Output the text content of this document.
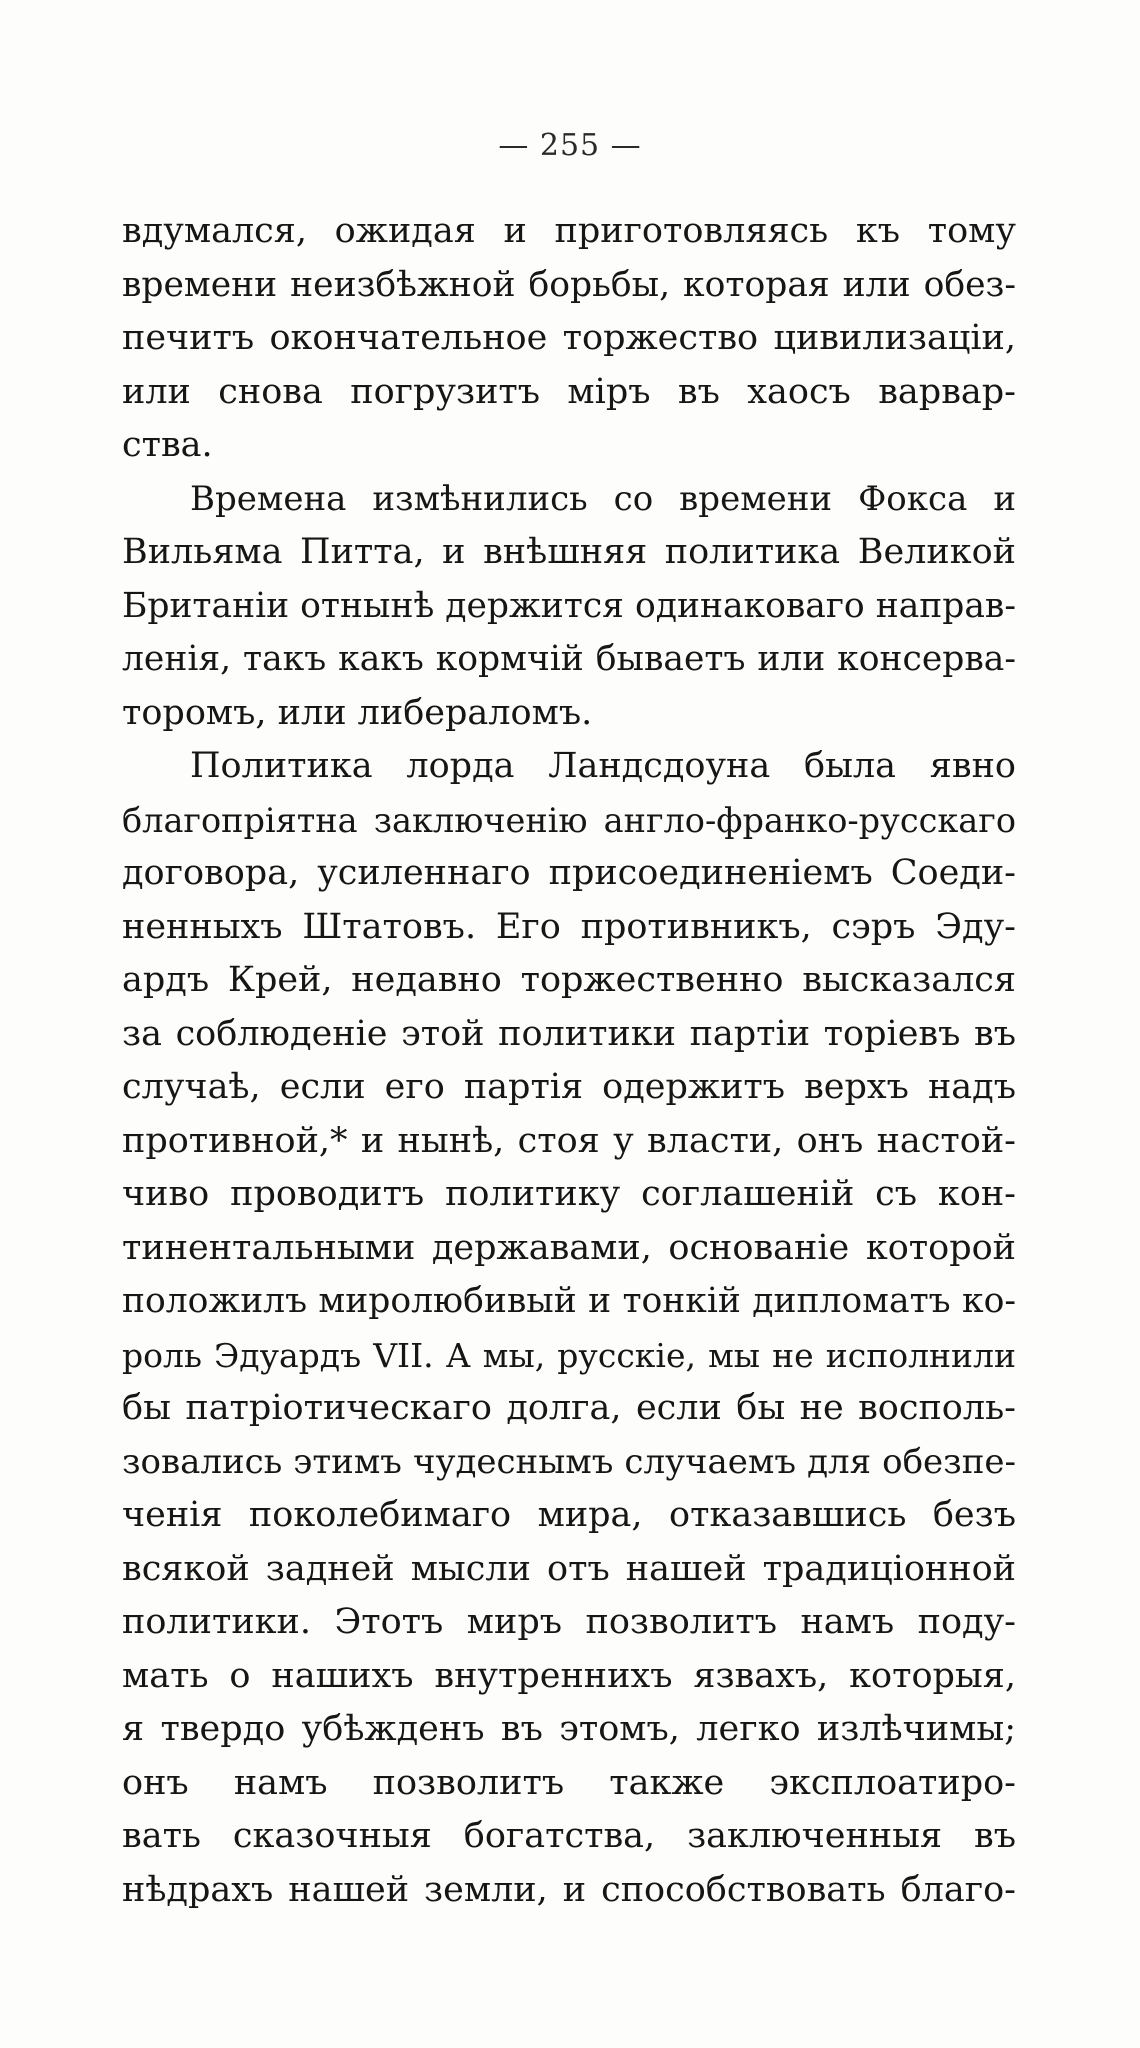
— 255 —
вдумался, ожидая и приготовляясь къ тому
времени неизбѣжной борьбы, которая или обез-
печитъ окончательное торжество цивилизаціи,
или снова погрузитъ міръ въ хаосъ варвар-
ства.
Времена измѣнились со времени Фокса и
Вильяма Питта, и внѣшняя политика Великой
Британіи отнынѣ держится одинаковаго направ-
ленія, такъ какъ кормчій бываетъ или консерва-
торомъ, или либераломъ.
Политика лорда Ландсдоуна была явно
благопріятна заключенію англо-франко-русскаго
договора, усиленнаго присоединеніемъ Соеди-
ненныхъ Штатовъ. Его противникъ, сэръ Эду-
ардъ Крей, недавно торжественно высказался
за соблюденіе этой политики партіи торіевъ въ
случаѣ, если его партія одержитъ верхъ надъ
противной,* и нынѣ, стоя у власти, онъ настой-
чиво проводитъ политику соглашеній съ кон-
тинентальными державами, основаніе которой
положилъ миролюбивый и тонкій дипломатъ ко-
роль Эдуардъ VII. А мы, русскіе, мы не исполнили
бы патріотическаго долга, если бы не восполь-
зовались этимъ чудеснымъ случаемъ для обезпе-
ченія поколебимаго мира, отказавшись безъ
всякой задней мысли отъ нашей традиціонной
политики. Этотъ миръ позволитъ намъ поду-
мать о нашихъ внутреннихъ язвахъ, которыя,
я твердо убѣжденъ въ этомъ, легко излѣчимы;
онъ намъ позволитъ также эксплоатиро-
вать сказочныя богатства, заключенныя въ
нѣдрахъ нашей земли, и способствовать благо-
